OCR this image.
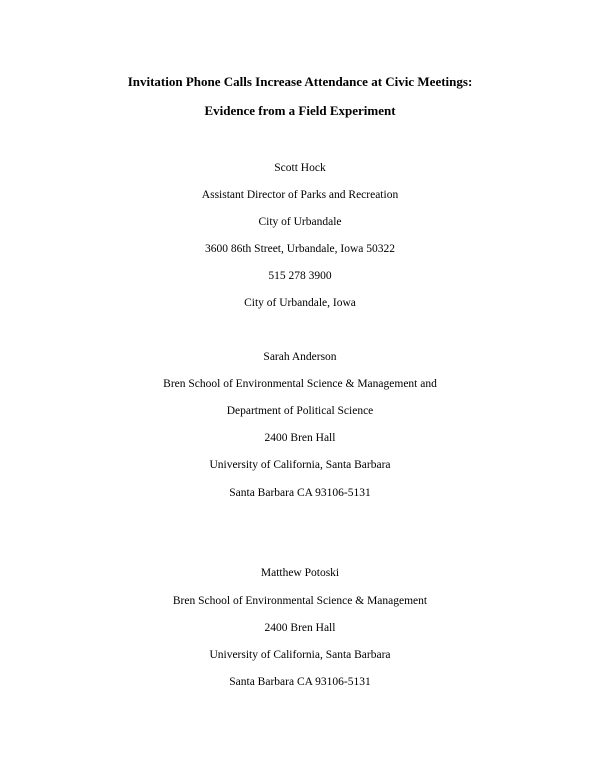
Invitation Phone Calls Increase Attendance at Civic Meetings:
Evidence from a Field Experiment
Scott Hock
Assistant Director of Parks and Recreation
City of Urbandale
3600 86th Street, Urbandale, Iowa 50322
515 278 3900
City of Urbandale, Iowa
Sarah Anderson
Bren School of Environmental Science & Management and
Department of Political Science
2400 Bren Hall
University of California, Santa Barbara
Santa Barbara CA 93106-5131
Matthew Potoski
Bren School of Environmental Science & Management
2400 Bren Hall
University of California, Santa Barbara
Santa Barbara CA 93106-5131
